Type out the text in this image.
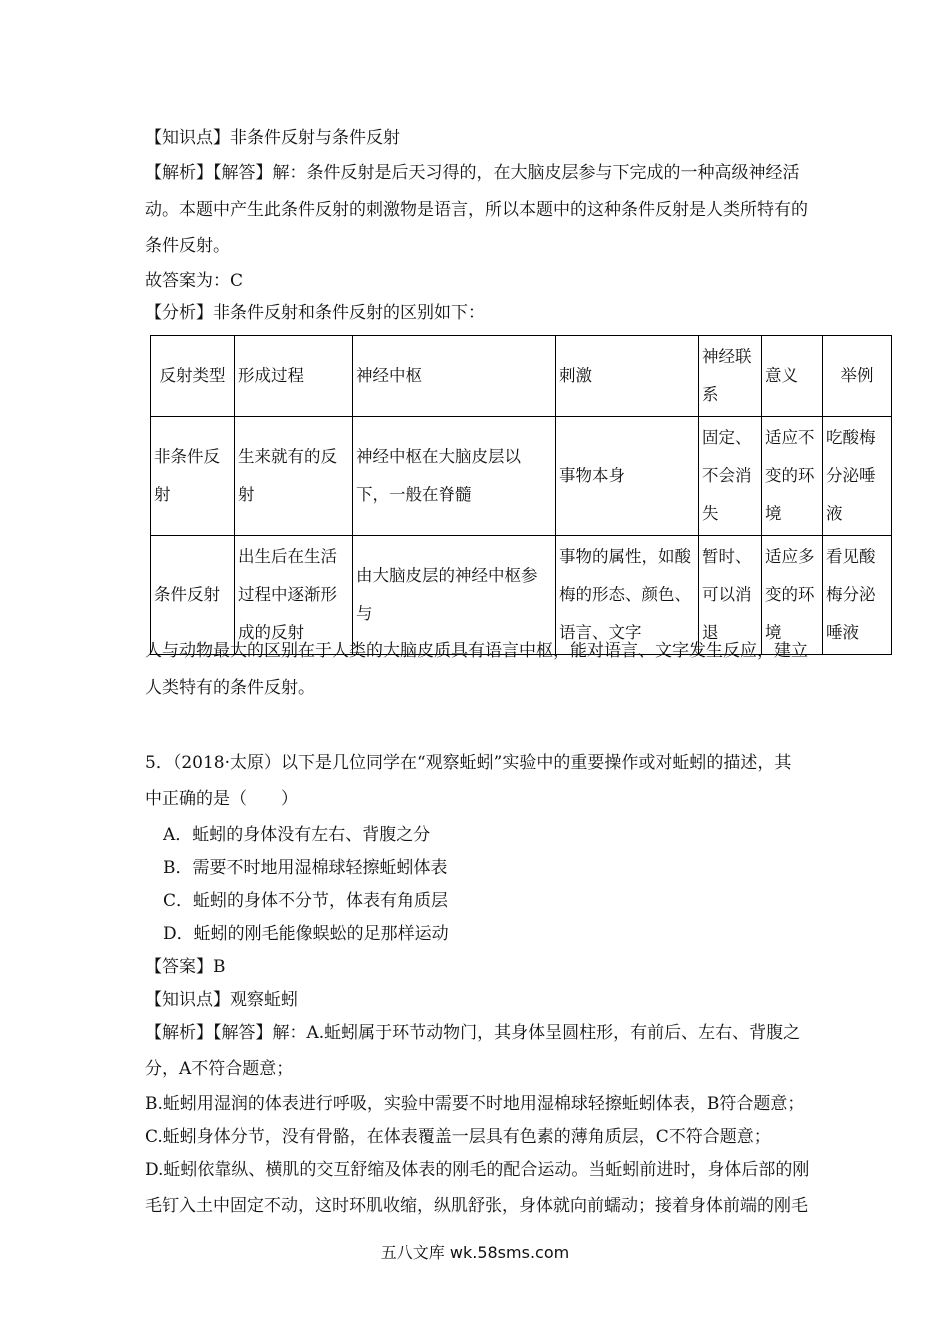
【知识点】非条件反射与条件反射
【解析】【解答】解：条件反射是后天习得的，在大脑皮层参与下完成的一种高级神经活
动。本题中产生此条件反射的刺激物是语言，所以本题中的这种条件反射是人类所特有的
条件反射。
故答案为：C
【分析】非条件反射和条件反射的区别如下：
反射类型	形成过程	神经中枢	刺激	神经联系	意义	举例
非条件反射	生来就有的反射	神经中枢在大脑皮层以下，一般在脊髓	事物本身	固定、不会消失	适应不变的环境	吃酸梅分泌唾液
条件反射	出生后在生活过程中逐渐形成的反射	由大脑皮层的神经中枢参与	事物的属性，如酸梅的形态、颜色、语言、文字	暂时、可以消退	适应多变的环境	看见酸梅分泌唾液
人与动物最大的区别在于人类的大脑皮质具有语言中枢，能对语言、文字发生反应，建立
人类特有的条件反射。
5．（2018·太原）以下是几位同学在“观察蚯蚓”实验中的重要操作或对蚯蚓的描述，其
中正确的是（　　）
A．蚯蚓的身体没有左右、背腹之分
B．需要不时地用湿棉球轻擦蚯蚓体表
C．蚯蚓的身体不分节，体表有角质层
D．蚯蚓的刚毛能像蜈蚣的足那样运动
【答案】B
【知识点】观察蚯蚓
【解析】【解答】解：A.蚯蚓属于环节动物门，其身体呈圆柱形，有前后、左右、背腹之
分，A不符合题意；
B.蚯蚓用湿润的体表进行呼吸，实验中需要不时地用湿棉球轻擦蚯蚓体表，B符合题意；
C.蚯蚓身体分节，没有骨骼，在体表覆盖一层具有色素的薄角质层，C不符合题意；
D.蚯蚓依靠纵、横肌的交互舒缩及体表的刚毛的配合运动。当蚯蚓前进时，身体后部的刚
毛钉入土中固定不动，这时环肌收缩，纵肌舒张，身体就向前蠕动；接着身体前端的刚毛
五八文库 wk.58sms.com
